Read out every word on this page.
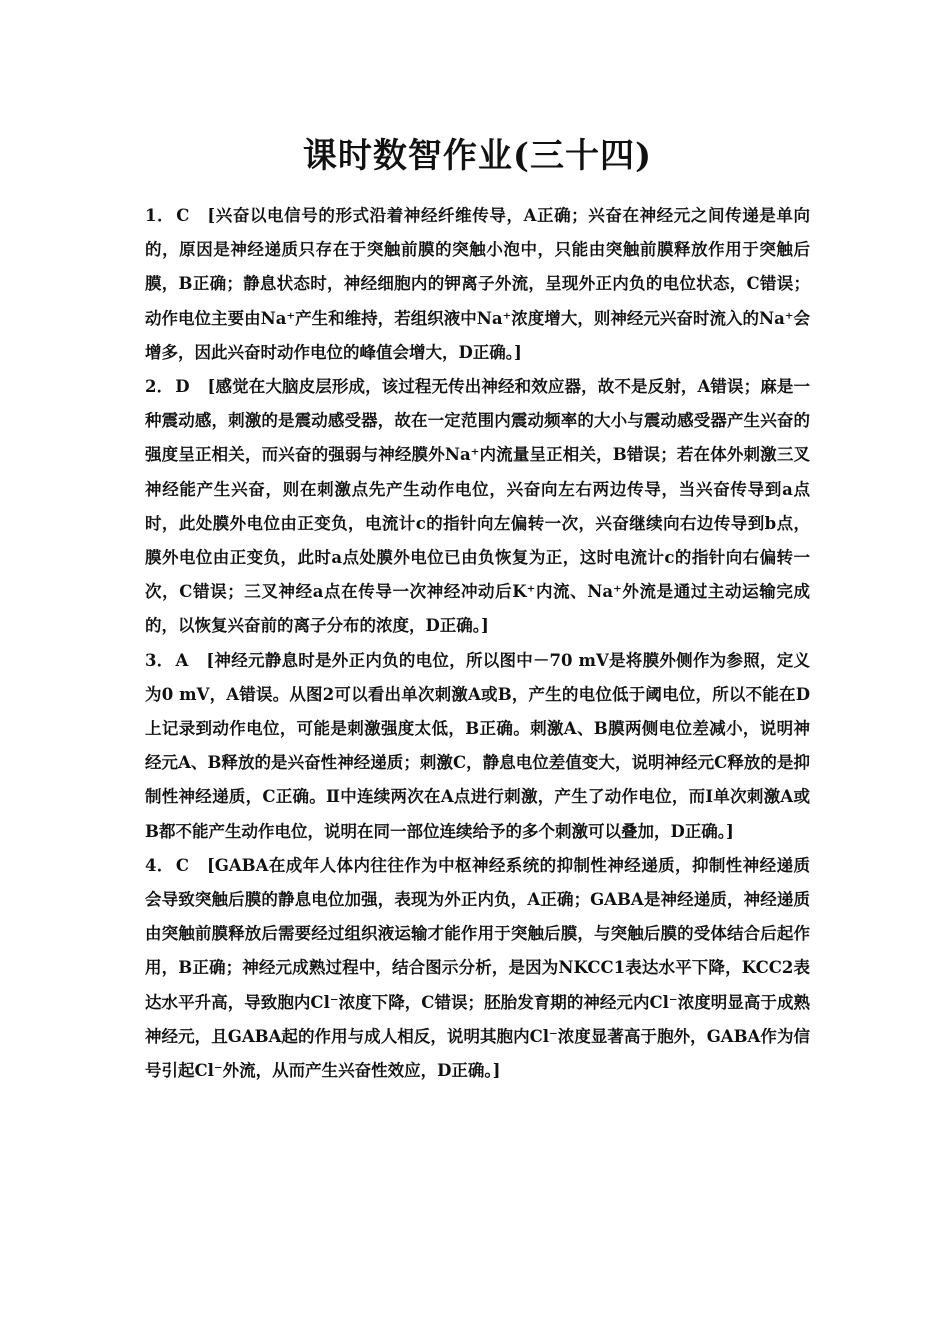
课时数智作业(三十四)

1． C [兴奋以电信号的形式沿着神经纤维传导，A正确；兴奋在神经元之间传递是单向的，原因是神经递质只存在于突触前膜的突触小泡中，只能由突触前膜释放作用于突触后膜，B正确；静息状态时，神经细胞内的钾离子外流，呈现外正内负的电位状态，C错误；动作电位主要由Na⁺产生和维持，若组织液中Na⁺浓度增大，则神经元兴奋时流入的Na⁺会增多，因此兴奋时动作电位的峰值会增大，D正确。]

2． D [感觉在大脑皮层形成，该过程无传出神经和效应器，故不是反射，A错误；麻是一种震动感，刺激的是震动感受器，故在一定范围内震动频率的大小与震动感受器产生兴奋的强度呈正相关，而兴奋的强弱与神经膜外Na⁺内流量呈正相关，B错误；若在体外刺激三叉神经能产生兴奋，则在刺激点先产生动作电位，兴奋向左右两边传导，当兴奋传导到a点时，此处膜外电位由正变负，电流计c的指针向左偏转一次，兴奋继续向右边传导到b点，膜外电位由正变负，此时a点处膜外电位已由负恢复为正，这时电流计c的指针向右偏转一次，C错误；三叉神经a点在传导一次神经冲动后K⁺内流、Na⁺外流是通过主动运输完成的，以恢复兴奋前的离子分布的浓度，D正确。]

3． A [神经元静息时是外正内负的电位，所以图中－70 mV是将膜外侧作为参照，定义为0 mV，A错误。从图2可以看出单次刺激A或B，产生的电位低于阈电位，所以不能在D上记录到动作电位，可能是刺激强度太低，B正确。刺激A、B膜两侧电位差减小，说明神经元A、B释放的是兴奋性神经递质；刺激C，静息电位差值变大，说明神经元C释放的是抑制性神经递质，C正确。Ⅱ中连续两次在A点进行刺激，产生了动作电位，而Ⅰ单次刺激A或B都不能产生动作电位，说明在同一部位连续给予的多个刺激可以叠加，D正确。]

4． C [GABA在成年人体内往往作为中枢神经系统的抑制性神经递质，抑制性神经递质会导致突触后膜的静息电位加强，表现为外正内负，A正确；GABA是神经递质，神经递质由突触前膜释放后需要经过组织液运输才能作用于突触后膜，与突触后膜的受体结合后起作用，B正确；神经元成熟过程中，结合图示分析，是因为NKCC1表达水平下降，KCC2表达水平升高，导致胞内Cl⁻浓度下降，C错误；胚胎发育期的神经元内Cl⁻浓度明显高于成熟神经元，且GABA起的作用与成人相反，说明其胞内Cl⁻浓度显著高于胞外，GABA作为信号引起Cl⁻外流，从而产生兴奋性效应，D正确。]
